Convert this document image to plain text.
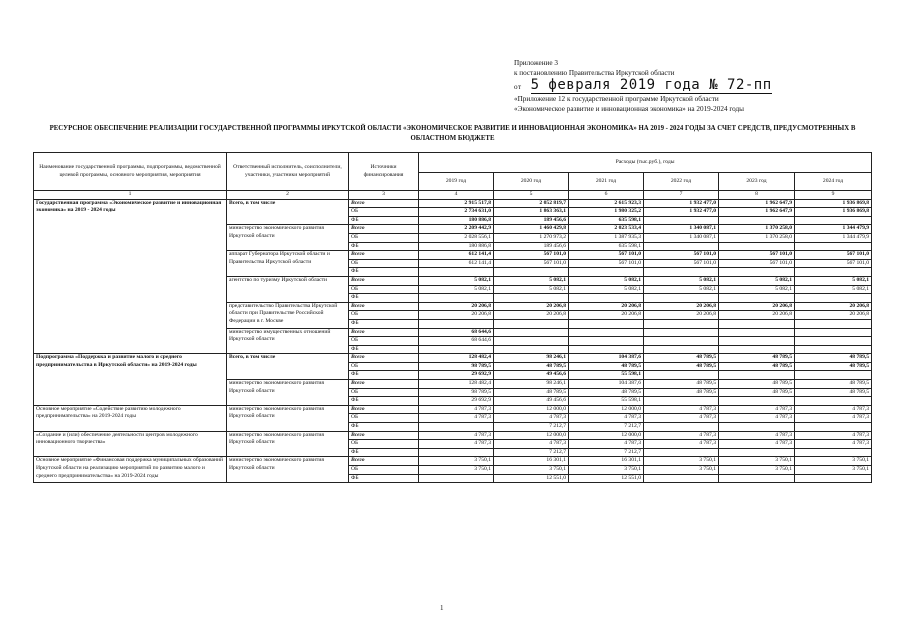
Приложение 3
к постановлению Правительства Иркутской области
от 5 февраля 2019 года № 72-пп
«Приложение 12 к государственной программе Иркутской области
«Экономическое развитие и инновационная экономика» на 2019-2024 годы
РЕСУРСНОЕ ОБЕСПЕЧЕНИЕ РЕАЛИЗАЦИИ ГОСУДАРСТВЕННОЙ ПРОГРАММЫ ИРКУТСКОЙ ОБЛАСТИ «ЭКОНОМИЧЕСКОЕ РАЗВИТИЕ И ИННОВАЦИОННАЯ ЭКОНОМИКА» НА 2019 - 2024 ГОДЫ ЗА СЧЕТ СРЕДСТВ, ПРЕДУСМОТРЕННЫХ В ОБЛАСТНОМ БЮДЖЕТЕ
Наименование государственной программы, подпрограммы, ведомственной целевой программы, основного мероприятия, мероприятия	Ответственный исполнитель, соисполнители, участники, участники мероприятий	Источники финансирования	Расходы (тыс.руб.), годы					
			2019 год	2020 год	2021 год	2022 год	2023 год	2024 год
1	2	3	4	5	6	7	8	9
Государственная программа «Экономическое развитие и инновационная экономика» на 2019 - 2024 годы	Всего, в том числе	Всего	2 915 517,8	2 052 819,7	2 615 923,3	1 932 477,0	1 962 647,9	1 936 869,8
		ОБ	2 734 631,0	1 863 363,1	1 980 325,2	1 932 477,0	1 962 647,9	1 936 869,8
		ФБ	180 886,8	189 456,6	635 598,1			
	министерство экономического развития Иркутской области	Всего	2 209 442,9	1 460 429,8	2 023 533,4	1 340 087,1	1 370 258,0	1 344 479,9
		ОБ	2 028 556,1	1 270 973,2	1 387 935,3	1 340 087,1	1 370 258,0	1 344 479,9
		ФБ	180 886,8	189 456,6	635 598,1			
	аппарат Губернатора Иркутской области и Правительства Иркутской области	Всего	612 141,4	567 101,0	567 101,0	567 101,0	567 101,0	567 101,0
		ОБ	612 141,4	567 101,0	567 101,0	567 101,0	567 101,0	567 101,0
		ФБ						
	агентство по туризму Иркутской области	Всего	5 082,1	5 082,1	5 082,1	5 082,1	5 082,1	5 082,1
		ОБ	5 082,1	5 082,1	5 082,1	5 082,1	5 082,1	5 082,1
		ФБ						
	представительство Правительства Иркутской области при Правительстве Российской Федерации в г. Москве	Всего	20 206,8	20 206,8	20 206,8	20 206,8	20 206,8	20 206,8
		ОБ	20 206,8	20 206,8	20 206,8	20 206,8	20 206,8	20 206,8
		ФБ						
	министерство имущественных отношений Иркутской области	Всего	68 644,6					
		ОБ	68 644,6					
		ФБ						
Подпрограмма «Поддержка и развитие малого и среднего предпринимательства в Иркутской области» на 2019-2024 годы	Всего, в том числе	Всего	128 482,4	98 246,1	104 387,6	48 789,5	48 789,5	48 789,5
		ОБ	98 789,5	48 789,5	48 789,5	48 789,5	48 789,5	48 789,5
		ФБ	29 692,9	49 456,6	55 598,1			
	министерство экономического развития Иркутской области	Всего	128 482,4	98 246,1	104 387,6	48 789,5	48 789,5	48 789,5
		ОБ	98 789,5	48 789,5	48 789,5	48 789,5	48 789,5	48 789,5
		ФБ	29 692,9	49 456,6	55 598,1			
Основное мероприятие «Содействие развитию молодежного предпринимательства» на 2019-2024 годы	министерство экономического развития Иркутской области	Всего	4 787,3	12 000,0	12 000,0	4 787,3	4 787,3	4 787,3
		ОБ	4 787,3	4 787,3	4 787,3	4 787,3	4 787,3	4 787,3
		ФБ		7 212,7	7 212,7			
«Создание и (или) обеспечение деятельности центров молодежного инновационного творчества»	министерство экономического развития Иркутской области	Всего	4 787,3	12 000,0	12 000,0	4 787,3	4 787,3	4 787,3
		ОБ	4 787,3	4 787,3	4 787,3	4 787,3	4 787,3	4 787,3
		ФБ		7 212,7	7 212,7			
Основное мероприятие «Финансовая поддержка муниципальных образований Иркутской области на реализацию мероприятий по развитию малого и среднего предпринимательства» на 2019-2024 годы	министерство экономического развития Иркутской области	Всего	3 750,1	16 301,1	16 301,1	3 750,1	3 750,1	3 750,1
		ОБ	3 750,1	3 750,1	3 750,1	3 750,1	3 750,1	3 750,1
		ФБ		12 551,0	12 551,0			
1
